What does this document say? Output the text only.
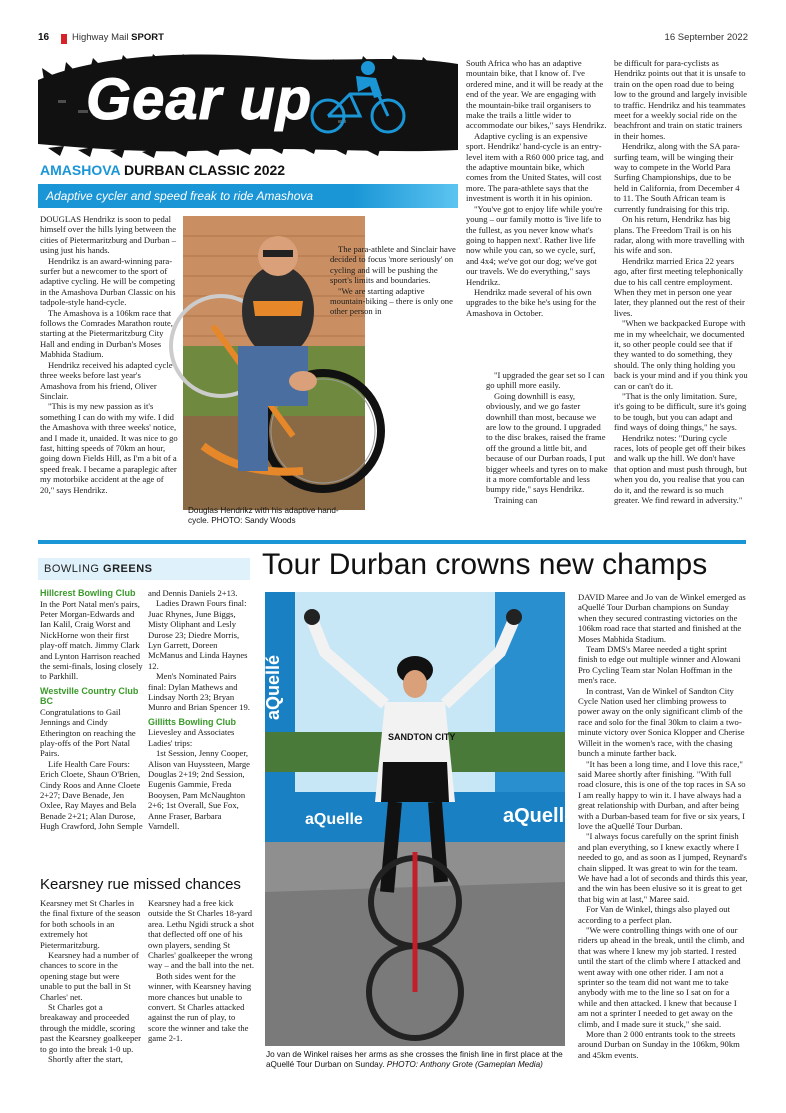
16 Highway Mail SPORT	16 September 2022
Gear up
AMASHOVA DURBAN CLASSIC 2022
Adaptive cycler and speed freak to ride Amashova

DOUGLAS Hendrikz is soon to pedal himself over the hills lying between the cities of Pietermaritzburg and Durban – using just his hands.

Hendrikz is an award-winning para-surfer but a newcomer to the sport of adaptive cycling. He will be competing in the Amashova Durban Classic on his tadpole-style hand-cycle.

The Amashova is a 106km race that follows the Comrades Marathon route, starting at the Pietermaritzburg City Hall and ending in Durban's Moses Mabhida Stadium.

Hendrikz received his adapted cycle three weeks before last year's Amashova from his friend, Oliver Sinclair.

"This is my new passion as it's something I can do with my wife. I did the Amashova with three weeks' notice, and I made it, unaided. It was nice to go fast, hitting speeds of 70km an hour, going down Fields Hill, as I'm a bit of a speed freak. I became a paraplegic after my motorbike accident at the age of 20," says Hendrikz.

Douglas Hendrikz with his adaptive hand-cycle. PHOTO: Sandy Woods

The para-athlete and Sinclair have decided to focus 'more seriously' on cycling and will be pushing the sport's limits and boundaries.

"We are starting adaptive mountain-biking – there is only one other person in

South Africa who has an adaptive mountain bike, that I know of. I've ordered mine, and it will be ready at the end of the year. We are engaging with the mountain-bike trail organisers to make the trails a little wider to accommodate our bikes," says Hendrikz.

Adaptive cycling is an expensive sport. Hendrikz' hand-cycle is an entry-level item with a R60 000 price tag, and the adaptive mountain bike, which comes from the United States, will cost more. The para-athlete says that the investment is worth it in his opinion.

"You've got to enjoy life while you're young – our family motto is 'live life to the fullest, as you never know what's going to happen next'. Rather live life now while you can, so we cycle, surf, and 4x4; we've got our dog; we've got our travels. We do everything," says Hendrikz.

Hendrikz made several of his own upgrades to the bike he's using for the Amashova in October.

"I upgraded the gear set so I can go uphill more easily.

Going downhill is easy, obviously, and we go faster downhill than most, because we are low to the ground. I upgraded to the disc brakes, raised the frame off the ground a little bit, and because of our Durban roads, I put bigger wheels and tyres on to make it a more comfortable and less bumpy ride," says Hendrikz.

Training can

be difficult for para-cyclists as Hendrikz points out that it is unsafe to train on the open road due to being low to the ground and largely invisible to traffic. Hendrikz and his teammates meet for a weekly social ride on the beachfront and train on static trainers in their homes.

Hendrikz, along with the SA para-surfing team, will be winging their way to compete in the World Para Surfing Championships, due to be held in California, from December 4 to 11. The South African team is currently fundraising for this trip.

On his return, Hendrikz has big plans. The Freedom Trail is on his radar, along with more travelling with his wife and son.

Hendrikz married Erica 22 years ago, after first meeting telephonically due to his call centre employment. When they met in person one year later, they planned out the rest of their lives.

"When we backpacked Europe with me in my wheelchair, we documented it, so other people could see that if they wanted to do something, they should. The only thing holding you back is your mind and if you think you can or can't do it.

"That is the only limitation. Sure, it's going to be difficult, sure it's going to be tough, but you can adapt and find ways of doing things," he says.

Hendrikz notes: "During cycle races, lots of people get off their bikes and walk up the hill. We don't have that option and must push through, but when you do, you realise that you can do it, and the reward is so much greater. We find reward in adversity."

BOWLING GREENS
Hillcrest Bowling Club

In the Port Natal men's pairs, Peter Morgan-Edwards and Ian Kalil, Craig Worst and NickHorne won their first play-off match. Jimmy Clark and Lynton Harrison reached the semi-finals, losing closely to Parkhill.

Westville Country Club BC

Congratulations to Gail Jennings and Cindy Etherington on reaching the play-offs of the Port Natal Pairs.

Life Health Care Fours: Erich Cloete, Shaun O'Brien, Cindy Roos and Anne Cloete 2+27; Dave Benade, Jen Oxlee, Ray Mayes and Bela Benade 2+21; Alan Durose, Hugh Crawford, John Semple

and Dennis Daniels 2+13.

Ladies Drawn Fours final: Juac Rhynes, June Biggs, Misty Oliphant and Lesly Durose 23; Diedre Morris, Lyn Garrett, Doreen McManus and Linda Haynes 12.

Men's Nominated Pairs final: Dylan Mathews and Lindsay North 23; Bryan Munro and Brian Spencer 19.

Gillitts Bowling Club

Lievesley and Associates Ladies' trips:

1st Session, Jenny Cooper, Alison van Huyssteen, Marge Douglas 2+19; 2nd Session, Eugenis Gammie, Freda Booysen, Pam McNaughton 2+6; 1st Overall, Sue Fox, Anne Fraser, Barbara Varndell.

Kearsney rue missed chances

Kearsney met St Charles in the final fixture of the season for both schools in an extremely hot Pietermaritzburg.

Kearsney had a number of chances to score in the opening stage but were unable to put the ball in St Charles' net.

St Charles got a breakaway and proceeded through the middle, scoring past the Kearsney goalkeeper to go into the break 1-0 up.

Shortly after the start,

Kearsney had a free kick outside the St Charles 18-yard area. Lethu Ngidi struck a shot that deflected off one of his own players, sending St Charles' goalkeeper the wrong way – and the ball into the net.

Both sides went for the winner, with Kearsney having more chances but unable to convert. St Charles attacked against the run of play, to score the winner and take the game 2-1.

Tour Durban crowns new champs
aQuellé
aQuellé
aQuelle
SANDTON CITY
Jo van de Winkel raises her arms as she crosses the finish line in first place at the aQuellé Tour Durban on Sunday. PHOTO: Anthony Grote (Gameplan Media)

DAVID Maree and Jo van de Winkel emerged as aQuellé Tour Durban champions on Sunday when they secured contrasting victories on the 106km road race that started and finished at the Moses Mabhida Stadium.

Team DMS's Maree needed a tight sprint finish to edge out multiple winner and Alowani Pro Cycling Team star Nolan Hoffman in the men's race.

In contrast, Van de Winkel of Sandton City Cycle Nation used her climbing prowess to power away on the only significant climb of the race and solo for the final 30km to claim a two-minute victory over Sonica Klopper and Cherise Willeit in the women's race, with the chasing bunch a minute farther back.

"It has been a long time, and I love this race," said Maree shortly after finishing. "With full road closure, this is one of the top races in SA so I am really happy to win it. I have always had a great relationship with Durban, and after being with a Durban-based team for five or six years, I love the aQuellé Tour Durban.

"I always focus carefully on the sprint finish and plan everything, so I knew exactly where I needed to go, and as soon as I jumped, Reynard's chain slipped. It was great to win for the team. We have had a lot of seconds and thirds this year, and the win has been elusive so it is great to get that big win at last," Maree said.

For Van de Winkel, things also played out according to a perfect plan.

"We were controlling things with one of our riders up ahead in the break, until the climb, and that was where I knew my job started. I rested until the start of the climb where I attacked and went away with one other rider. I am not a sprinter so the team did not want me to take anybody with me to the line so I sat on for a while and then attacked. I knew that because I am not a sprinter I needed to get away on the climb, and I made sure it stuck," she said.

More than 2 000 entrants took to the streets around Durban on Sunday in the 106km, 90km and 45km events.
